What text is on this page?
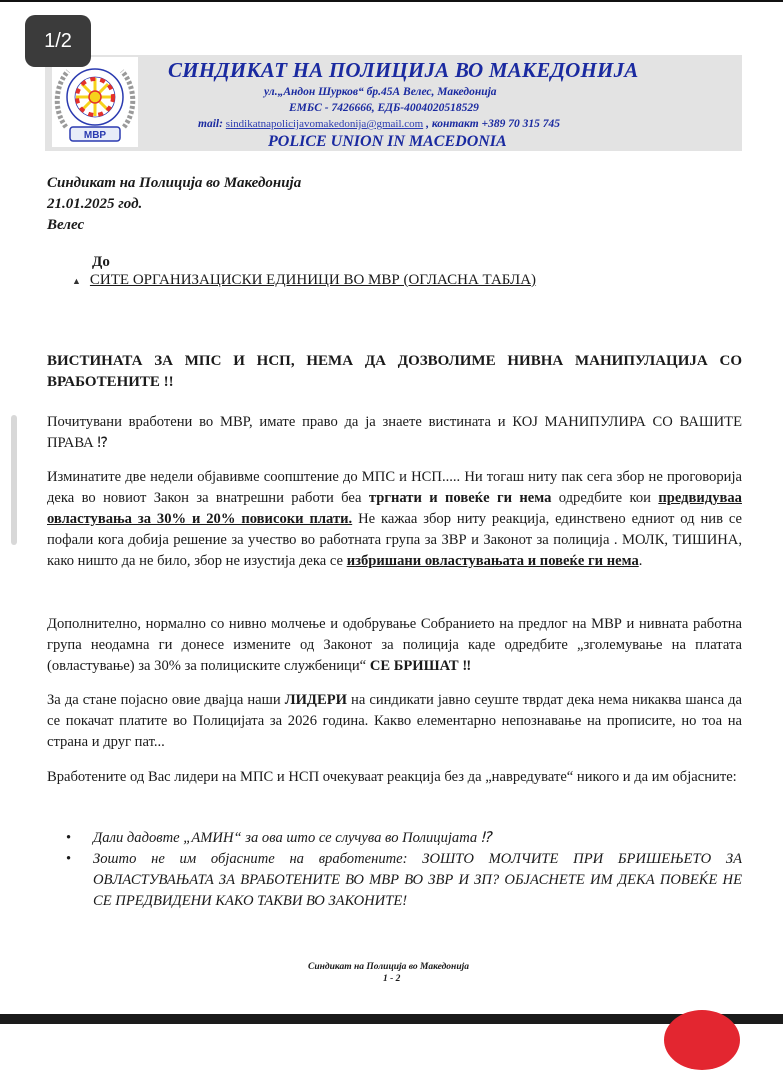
1/2
МВР
СИНДИКАТ НА ПОЛИЦИЈА ВО МАКЕДОНИЈА
ул.„Андон Шурков“ бр.45А Велес, Македонија
ЕМБС - 7426666, ЕДБ-4004020518529
mail: sindikatnapolicijavomakedonija@gmail.com , контакт +389 70 315 745
POLICE UNION IN MACEDONIA
Синдикат на Полиција во Македонија
21.01.2025 год.
Велес
До
▲ СИТЕ ОРГАНИЗАЦИСКИ ЕДИНИЦИ ВО МВР (ОГЛАСНА ТАБЛА)
ВИСТИНАТА ЗА МПС И НСП, НЕМА ДА ДОЗВОЛИМЕ НИВНА МАНИПУЛАЦИЈА СО ВРАБОТЕНИТЕ !!
Почитувани вработени во МВР, имате право да ја знаете вистината и КОЈ МАНИПУЛИРА СО ВАШИТЕ ПРАВА ⁉
Изминатите две недели објавивме соопштение до МПС и НСП..... Ни тогаш ниту пак сега збор не проговорија дека во новиот Закон за внатрешни работи беа тргнати и повеќе ги нема одредбите кои предвидуваа овластувања за 30% и 20% повисоки плати. Не кажаа збор ниту реакција, единствено едниот од нив се пофали кога добија решение за учество во работната група за ЗВР и Законот за полиција . МОЛК, ТИШИНА, како ништо да не било, збор не изустија дека се избришани овластувањата и повеќе ги нема.
Дополнително, нормално со нивно молчење и одобрување Собранието на предлог на МВР и нивната работна група неодамна ги донесе измените од Законот за полиција каде одредбите „зголемување на платата (овластување) за 30% за полициските службеници“ СЕ БРИШАТ ‼
За да стане појасно овие двајца наши ЛИДЕРИ на синдикати јавно сеуште тврдат дека нема никаква шанса да се покачат платите во Полицијата за 2026 година. Какво елементарно непознавање на прописите, но тоа на страна и друг пат...
Вработените од Вас лидери на МПС и НСП очекуваат реакција без да „навредувате“ никого и да им објасните:
• Дали дадовте „АМИН“ за ова што се случува во Полицијата ⁉
• Зошто не им објасните на вработените: ЗОШТО МОЛЧИТЕ ПРИ БРИШЕЊЕТО ЗА ОВЛАСТУВАЊАТА ЗА ВРАБОТЕНИТЕ ВО МВР ВО ЗВР И ЗП? ОБЈАСНЕТЕ ИМ ДЕКА ПОВЕЌЕ НЕ СЕ ПРЕДВИДЕНИ КАКО ТАКВИ ВО ЗАКОНИТЕ!
Синдикат на Полиција во Македонија
1 - 2
